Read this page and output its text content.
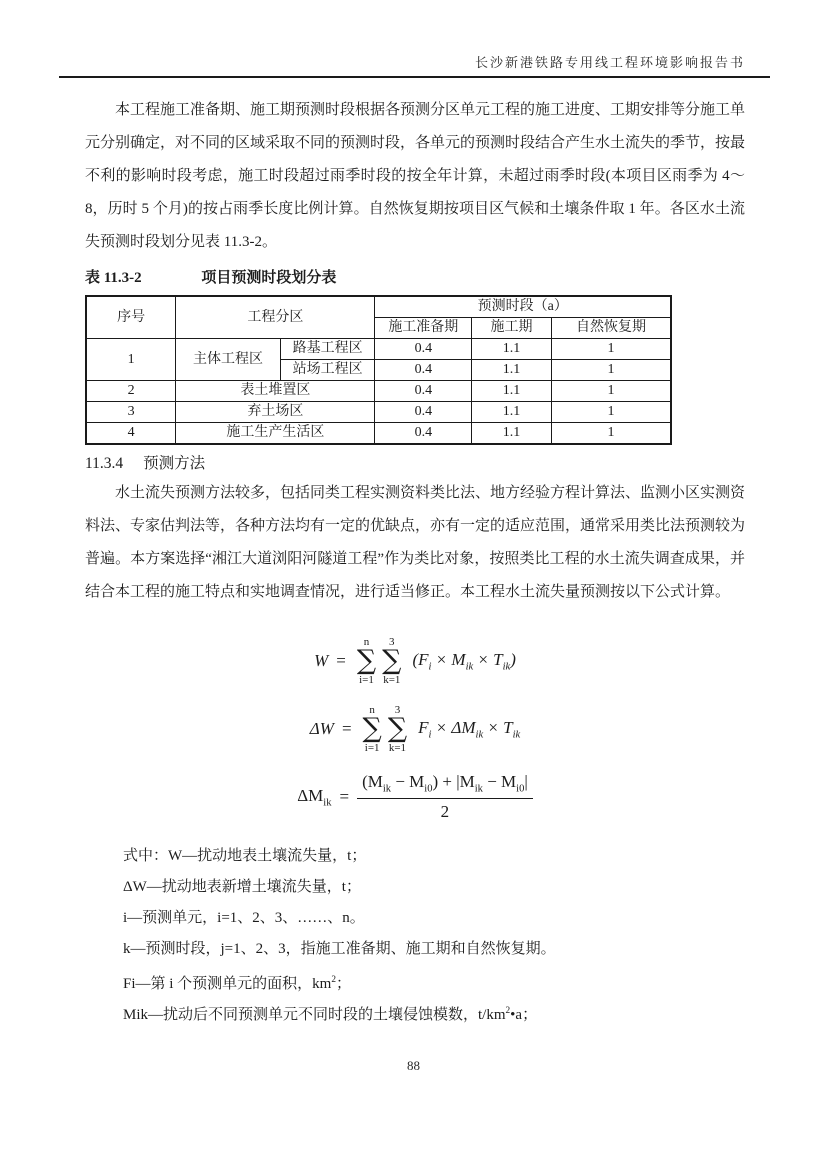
长沙新港铁路专用线工程环境影响报告书
本工程施工准备期、施工期预测时段根据各预测分区单元工程的施工进度、工期安排等分施工单元分别确定，对不同的区域采取不同的预测时段，各单元的预测时段结合产生水土流失的季节，按最不利的影响时段考虑，施工时段超过雨季时段的按全年计算，未超过雨季时段(本项目区雨季为 4～8，历时 5 个月)的按占雨季长度比例计算。自然恢复期按项目区气候和土壤条件取 1 年。各区水土流失预测时段划分见表 11.3-2。
表 11.3-2	项目预测时段划分表
序号	工程分区		预测时段（a）		
			施工准备期	施工期	自然恢复期
1	主体工程区	路基工程区	0.4	1.1	1
		站场工程区	0.4	1.1	1
2	表土堆置区		0.4	1.1	1
3	弃土场区		0.4	1.1	1
4	施工生产生活区		0.4	1.1	1
11.3.4 预测方法
水土流失预测方法较多，包括同类工程实测资料类比法、地方经验方程计算法、监测小区实测资料法、专家估判法等，各种方法均有一定的优缺点，亦有一定的适应范围，通常采用类比法预测较为普遍。本方案选择“湘江大道浏阳河隧道工程”作为类比对象，按照类比工程的水土流失调查成果，并结合本工程的施工特点和实地调查情况，进行适当修正。本工程水土流失量预测按以下公式计算。
W =
n
∑
i=1
3
∑
k=1
$(F_i \times M_{ik} \times T_{ik})$
ΔW =
n
∑
i=1
3
∑
k=1
$F_i \times \Delta M_{ik} \times T_{ik}$
$\Delta M_{ik} = \frac{(M_{ik} - M_{i0}) + |M_{ik} - M_{i0}|}{2}$
式中：W—扰动地表土壤流失量，t；
ΔW—扰动地表新增土壤流失量，t；
i—预测单元，i=1、2、3、……、n。
k—预测时段，j=1、2、3，指施工准备期、施工期和自然恢复期。
Fi—第 i 个预测单元的面积，$km^2$；
Mik—扰动后不同预测单元不同时段的土壤侵蚀模数，$t/km^2•a$；
88
